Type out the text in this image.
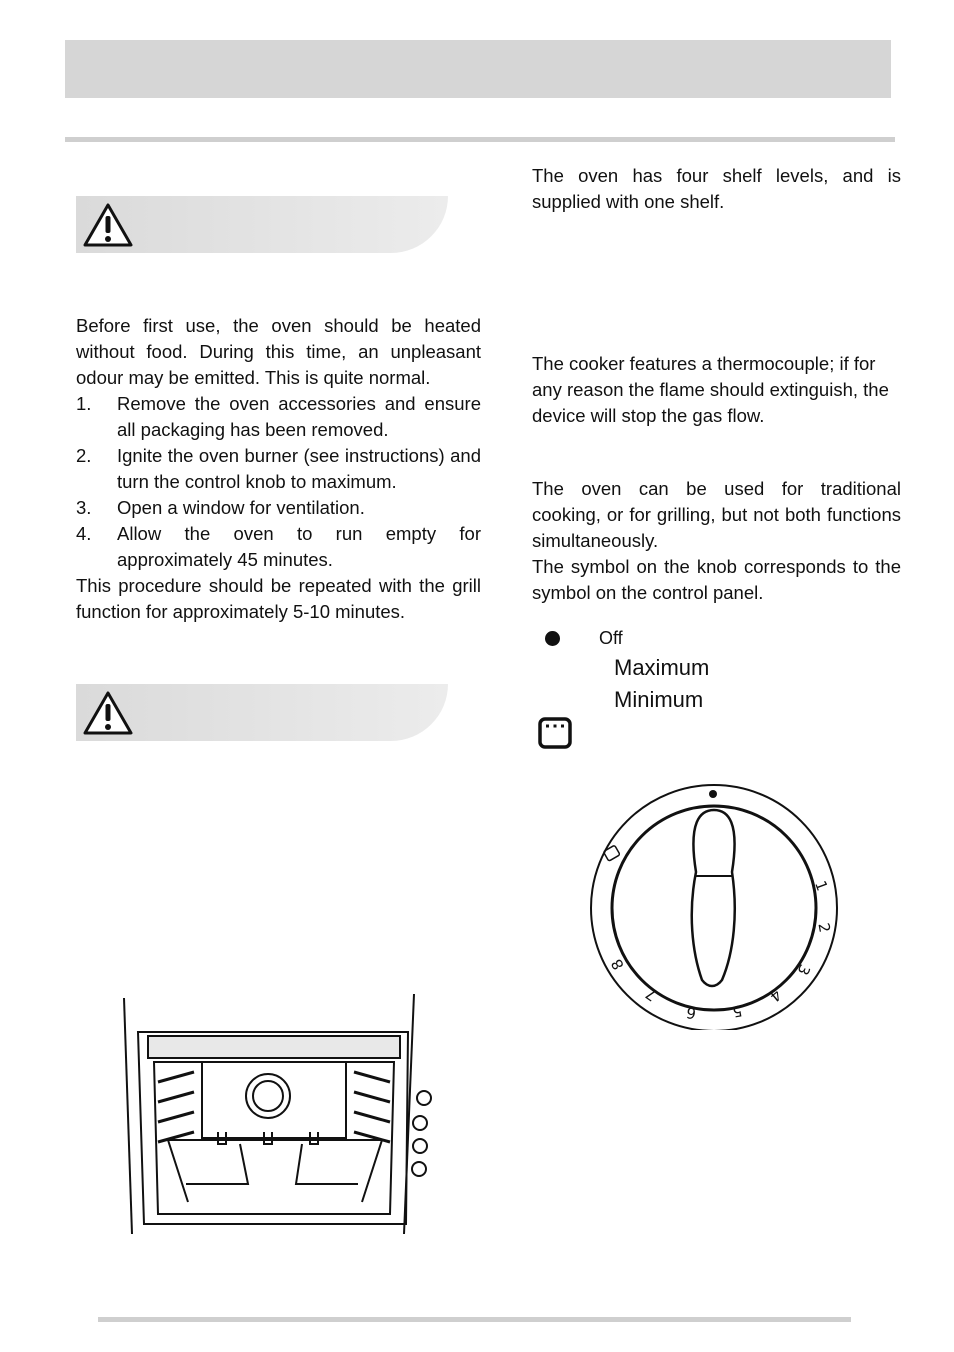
Before first use, the oven should be heated without food. During this time, an unpleasant odour may be emitted. This is quite normal.

1. Remove the oven accessories and ensure all packaging has been removed.
2. Ignite the oven burner (see instructions) and turn the control knob to maximum.
3. Open a window for ventilation.
4. Allow the oven to run empty for approximately 45 minutes.

This procedure should be repeated with the grill function for approximately 5-10 minutes.

The oven has four shelf levels, and is supplied with one shelf.

The cooker features a thermocouple; if for any reason the flame should extinguish, the device will stop the gas flow.

The oven can be used for traditional cooking, or for grilling, but not both functions simultaneously.

The symbol on the knob corresponds to the symbol on the control panel.

Off
Maximum
Minimum
1
2
3
4
5
6
7
8
